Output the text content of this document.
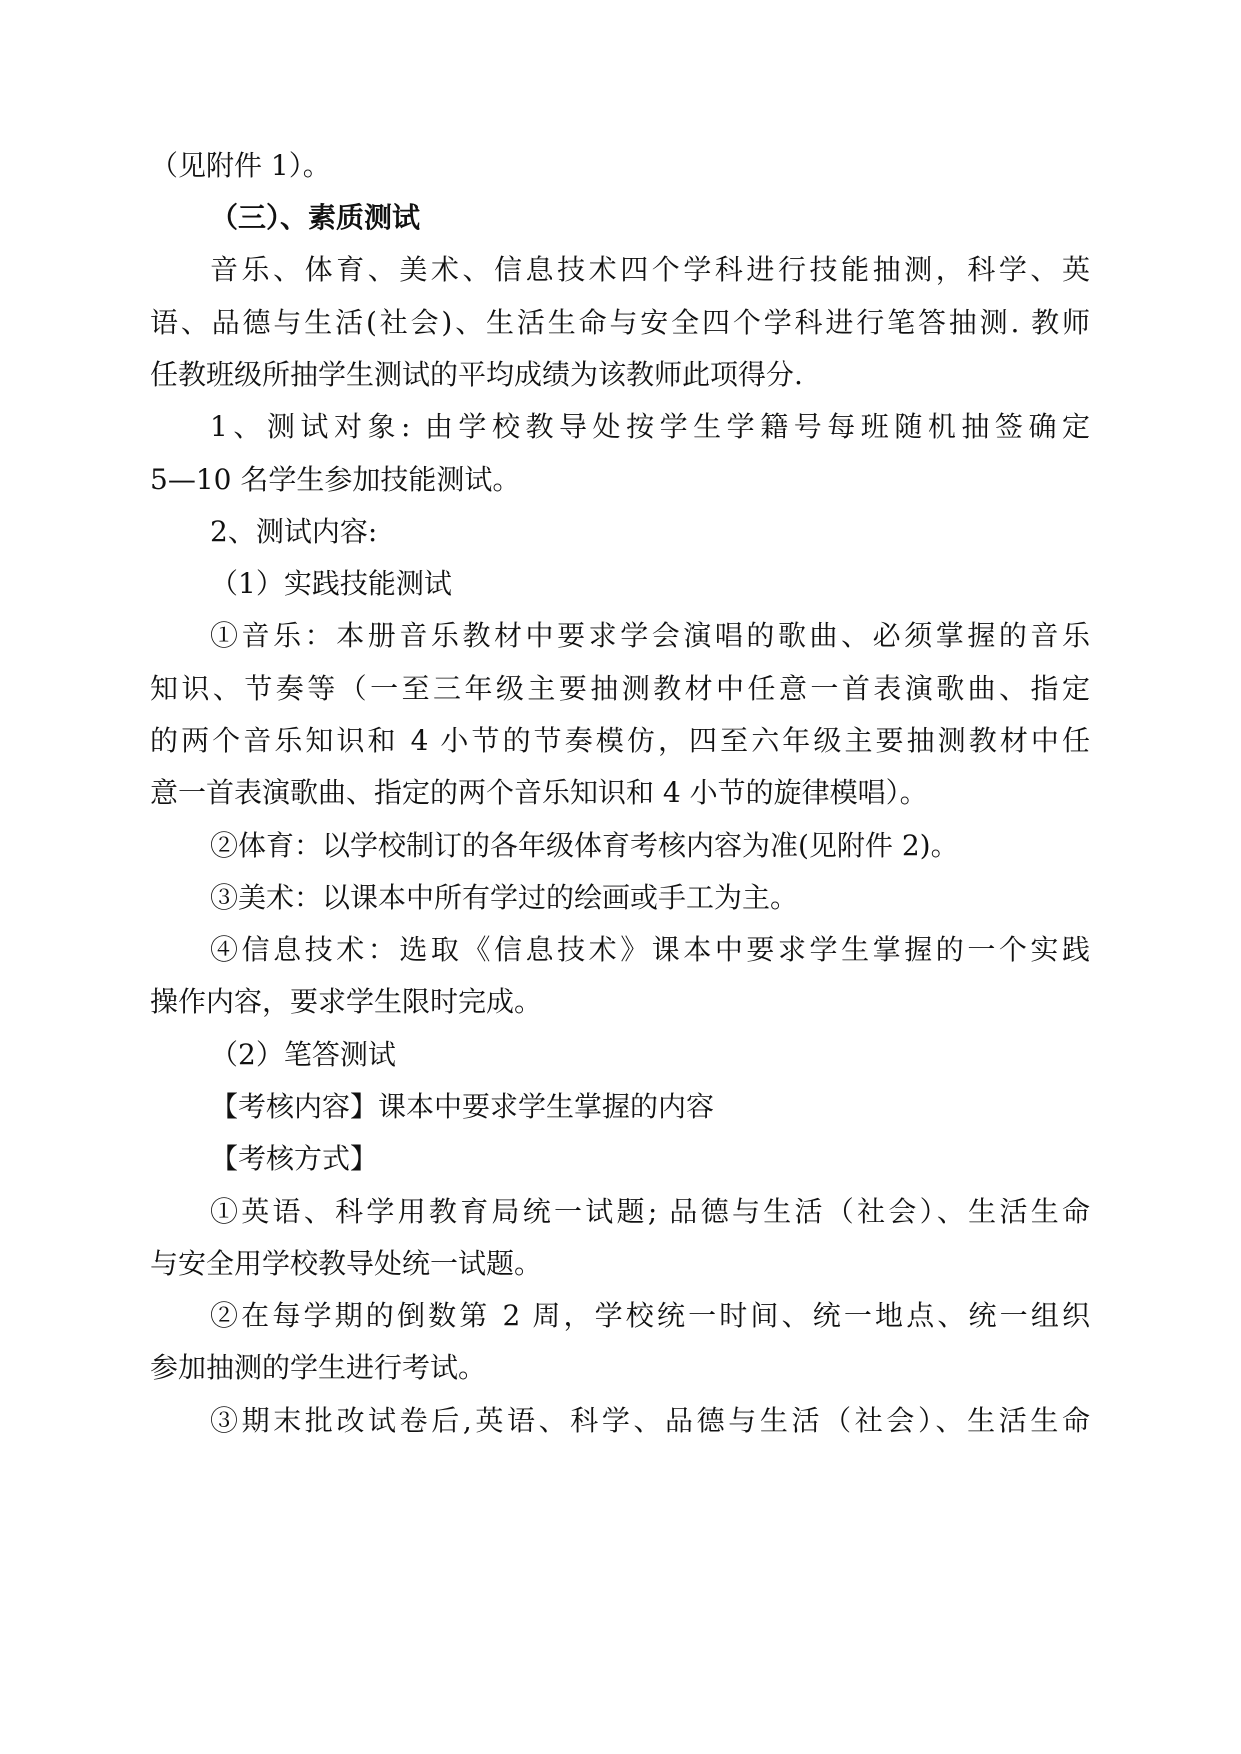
（见附件 1）。
（三）、素质测试
音乐、体育、美术、信息技术四个学科进行技能抽测，科学、英
语、品德与生活(社会)、生活生命与安全四个学科进行笔答抽测. 教师
任教班级所抽学生测试的平均成绩为该教师此项得分.
1、测试对象: 由学校教导处按学生学籍号每班随机抽签确定
5—10 名学生参加技能测试。
2、测试内容:
（1）实践技能测试
①音乐：本册音乐教材中要求学会演唱的歌曲、必须掌握的音乐
知识、节奏等（一至三年级主要抽测教材中任意一首表演歌曲、指定
的两个音乐知识和 4 小节的节奏模仿，四至六年级主要抽测教材中任
意一首表演歌曲、指定的两个音乐知识和 4 小节的旋律模唱）。
②体育：以学校制订的各年级体育考核内容为准(见附件 2)。
③美术：以课本中所有学过的绘画或手工为主。
④信息技术：选取《信息技术》课本中要求学生掌握的一个实践
操作内容，要求学生限时完成。
（2）笔答测试
【考核内容】课本中要求学生掌握的内容
【考核方式】
①英语、科学用教育局统一试题; 品德与生活（社会）、生活生命
与安全用学校教导处统一试题。
②在每学期的倒数第 2 周，学校统一时间、统一地点、统一组织
参加抽测的学生进行考试。
③期末批改试卷后,英语、科学、品德与生活（社会）、生活生命
